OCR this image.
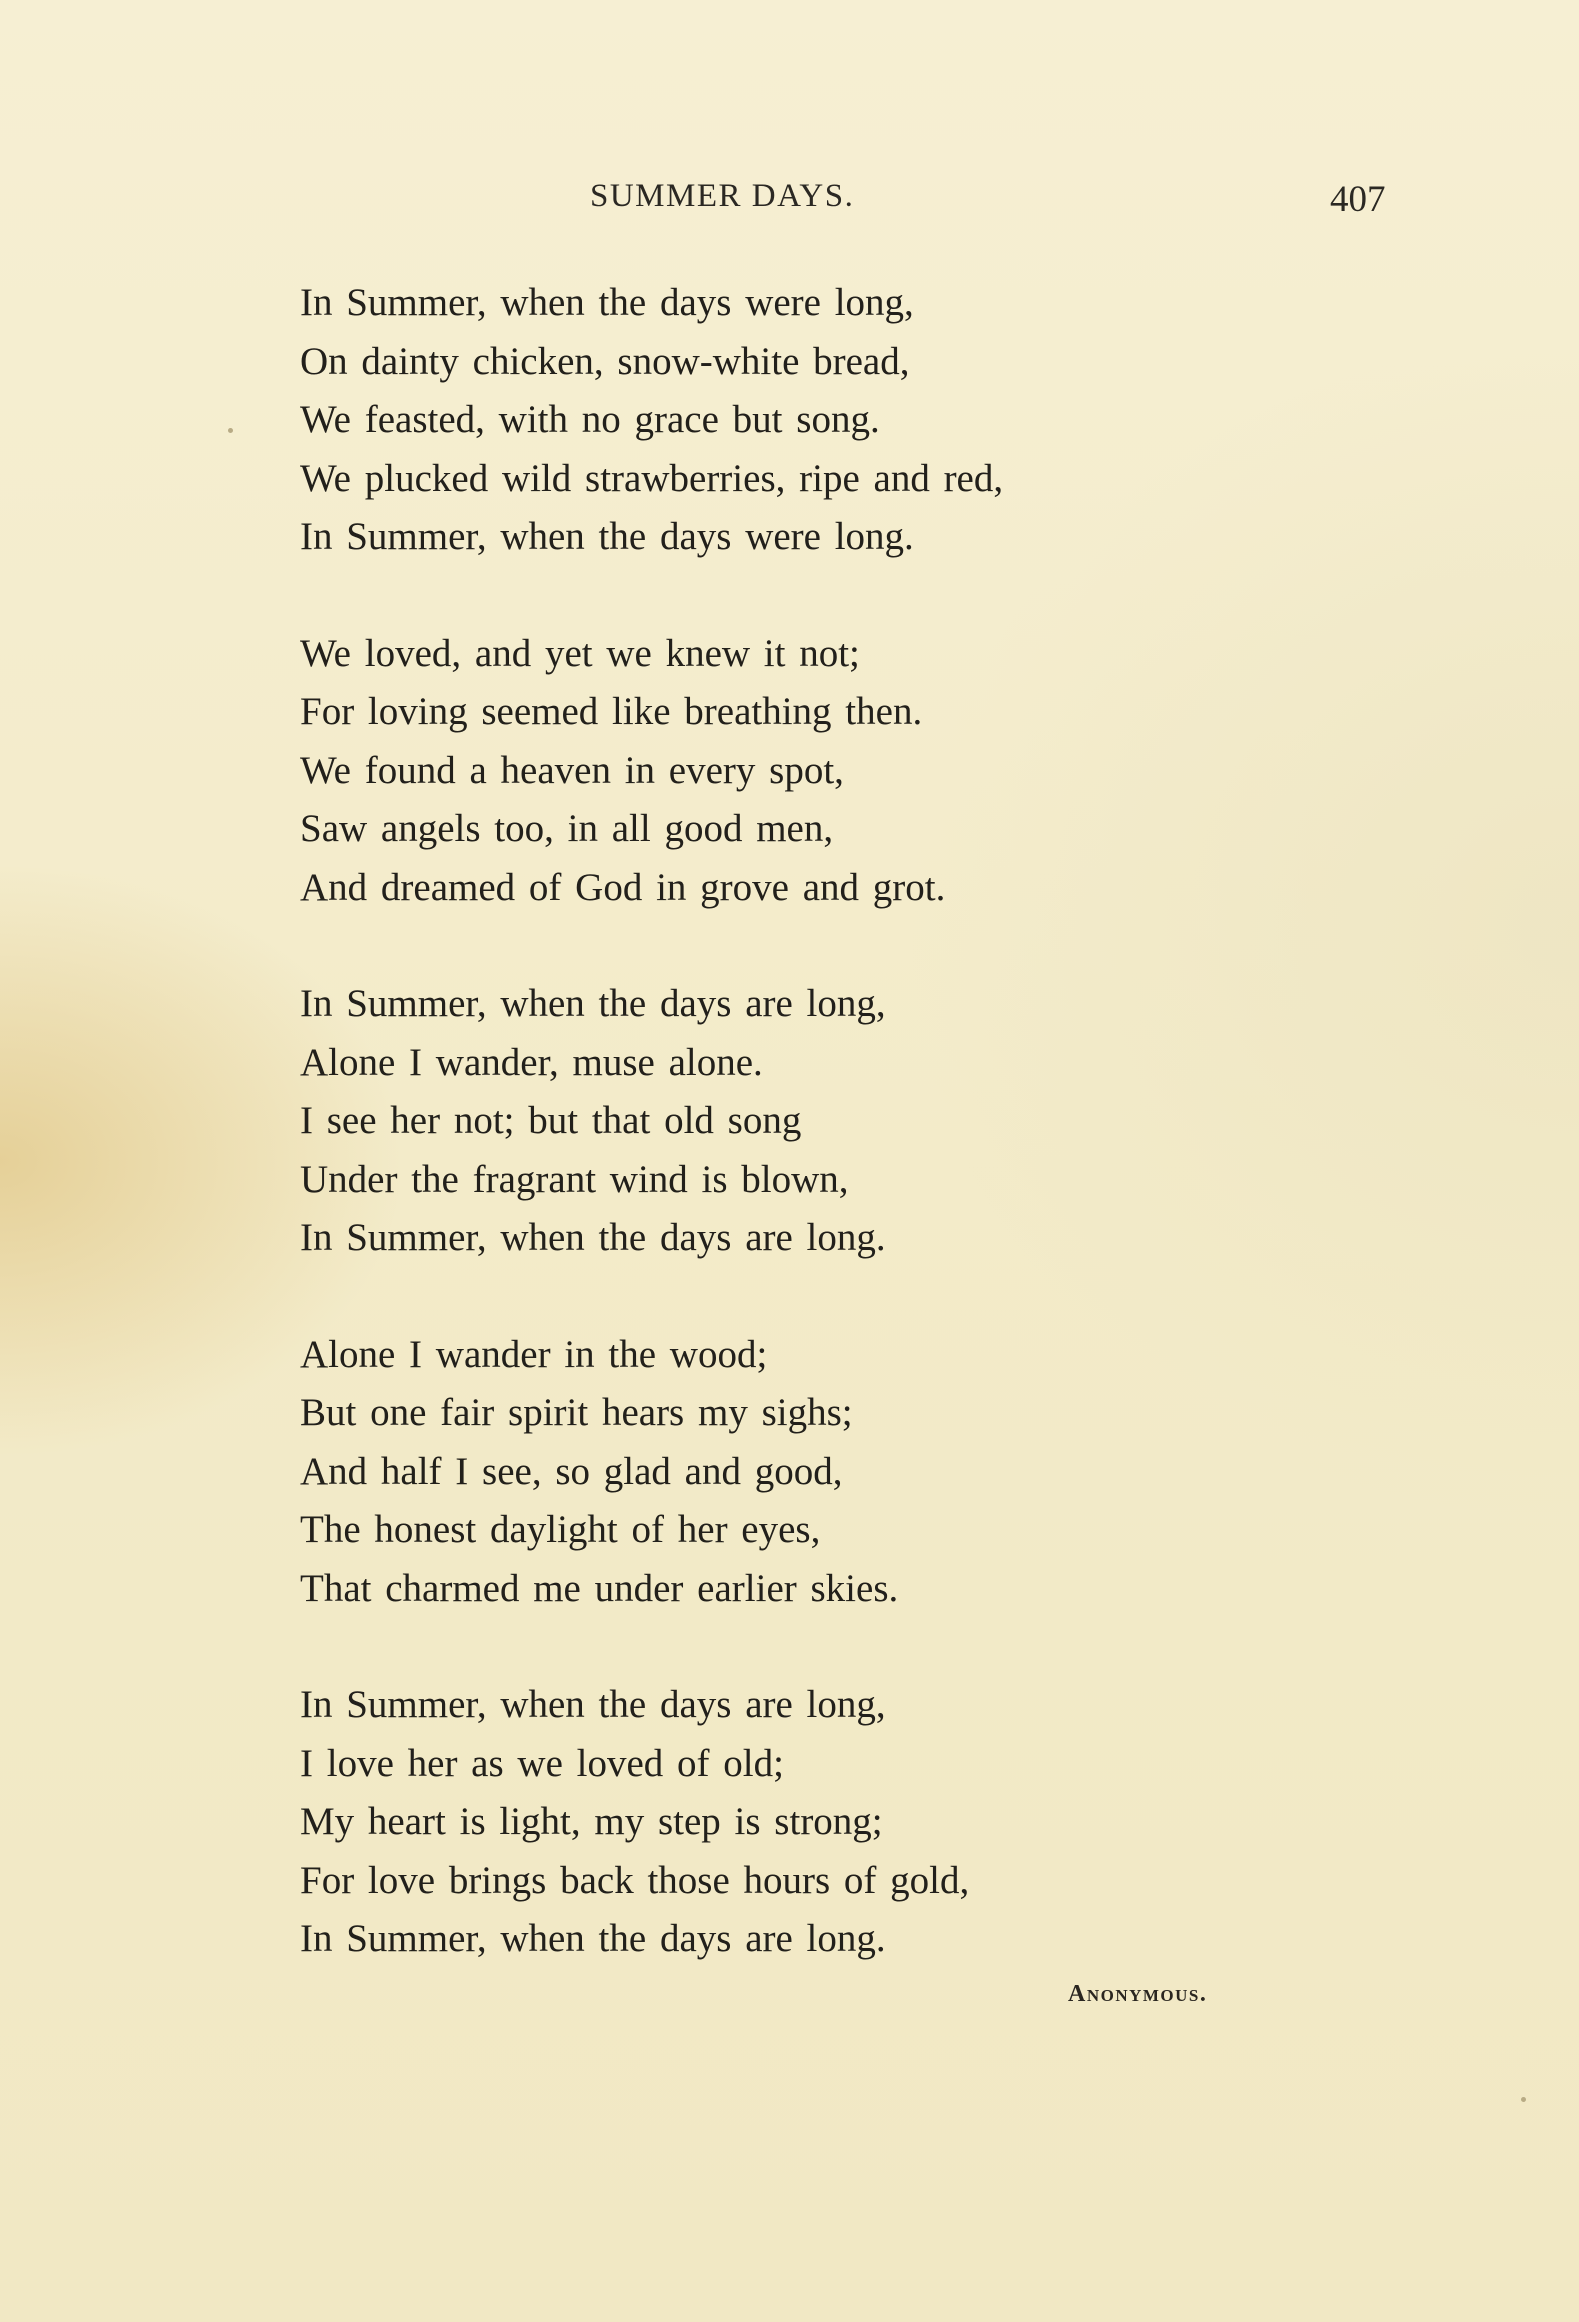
SUMMER DAYS.	407
In Summer, when the days were long,
On dainty chicken, snow-white bread,
We feasted, with no grace but song.
We plucked wild strawberries, ripe and red,
In Summer, when the days were long.
We loved, and yet we knew it not;
For loving seemed like breathing then.
We found a heaven in every spot,
Saw angels too, in all good men,
And dreamed of God in grove and grot.
In Summer, when the days are long,
Alone I wander, muse alone.
I see her not; but that old song
Under the fragrant wind is blown,
In Summer, when the days are long.
Alone I wander in the wood;
But one fair spirit hears my sighs;
And half I see, so glad and good,
The honest daylight of her eyes,
That charmed me under earlier skies.
In Summer, when the days are long,
I love her as we loved of old;
My heart is light, my step is strong;
For love brings back those hours of gold,
In Summer, when the days are long.
Anonymous.
